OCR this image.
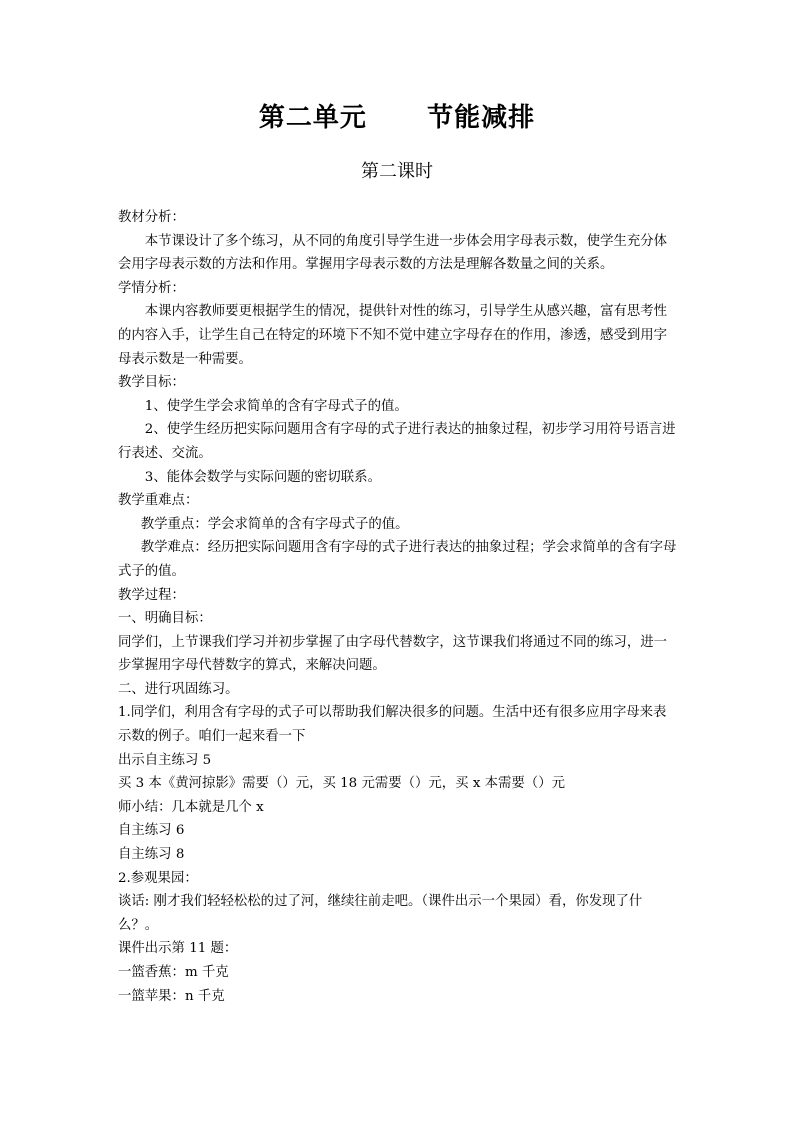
第二单元      节能减排
第二课时

教材分析：

本节课设计了多个练习，从不同的角度引导学生进一步体会用字母表示数，使学生充分体会用字母表示数的方法和作用。掌握用字母表示数的方法是理解各数量之间的关系。

学情分析：

本课内容教师要更根据学生的情况，提供针对性的练习，引导学生从感兴趣，富有思考性的内容入手，让学生自己在特定的环境下不知不觉中建立字母存在的作用，渗透，感受到用字母表示数是一种需要。

教学目标：

1、使学生学会求简单的含有字母式子的值。

2、使学生经历把实际问题用含有字母的式子进行表达的抽象过程，初步学习用符号语言进行表述、交流。

3、能体会数学与实际问题的密切联系。

教学重难点：

教学重点：学会求简单的含有字母式子的值。

教学难点：经历把实际问题用含有字母的式子进行表达的抽象过程；学会求简单的含有字母式子的值。

教学过程：

一、明确目标：

同学们，上节课我们学习并初步掌握了由字母代替数字，这节课我们将通过不同的练习，进一步掌握用字母代替数字的算式，来解决问题。

二、进行巩固练习。

1.同学们，利用含有字母的式子可以帮助我们解决很多的问题。生活中还有很多应用字母来表示数的例子。咱们一起来看一下

出示自主练习 5

买 3 本《黄河掠影》需要（）元，买 18 元需要（）元，买 x 本需要（）元

师小结：几本就是几个 x

自主练习 6

自主练习 8

2.参观果园：

谈话: 刚才我们轻轻松松的过了河，继续往前走吧。（课件出示一个果园）看，你发现了什么？。

课件出示第 11 题：

一篮香蕉：m 千克

一篮苹果：n 千克
